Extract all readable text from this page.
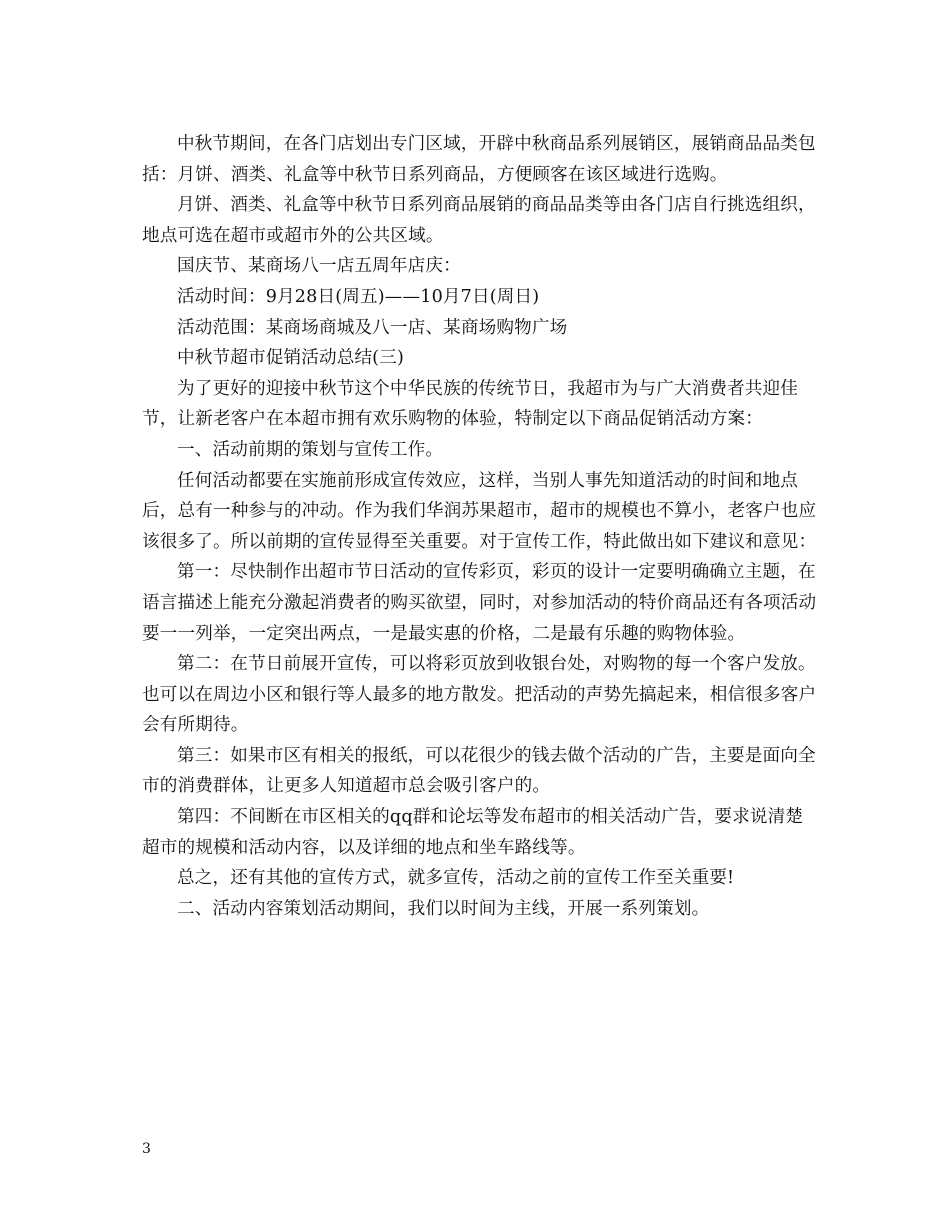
中秋节期间，在各门店划出专门区域，开辟中秋商品系列展销区，展销商品品类包括：月饼、酒类、礼盒等中秋节日系列商品，方便顾客在该区域进行选购。

月饼、酒类、礼盒等中秋节日系列商品展销的商品品类等由各门店自行挑选组织，地点可选在超市或超市外的公共区域。

国庆节、某商场八一店五周年店庆：

活动时间：9月28日(周五)——10月7日(周日)

活动范围：某商场商城及八一店、某商场购物广场

中秋节超市促销活动总结(三)

为了更好的迎接中秋节这个中华民族的传统节日，我超市为与广大消费者共迎佳节，让新老客户在本超市拥有欢乐购物的体验，特制定以下商品促销活动方案：

一、活动前期的策划与宣传工作。

任何活动都要在实施前形成宣传效应，这样，当别人事先知道活动的时间和地点后，总有一种参与的冲动。作为我们华润苏果超市，超市的规模也不算小，老客户也应该很多了。所以前期的宣传显得至关重要。对于宣传工作，特此做出如下建议和意见：

第一：尽快制作出超市节日活动的宣传彩页，彩页的设计一定要明确确立主题，在语言描述上能充分激起消费者的购买欲望，同时，对参加活动的特价商品还有各项活动要一一列举，一定突出两点，一是最实惠的价格，二是最有乐趣的购物体验。

第二：在节日前展开宣传，可以将彩页放到收银台处，对购物的每一个客户发放。也可以在周边小区和银行等人最多的地方散发。把活动的声势先搞起来，相信很多客户会有所期待。

第三：如果市区有相关的报纸，可以花很少的钱去做个活动的广告，主要是面向全市的消费群体，让更多人知道超市总会吸引客户的。

第四：不间断在市区相关的qq群和论坛等发布超市的相关活动广告，要求说清楚超市的规模和活动内容，以及详细的地点和坐车路线等。

总之，还有其他的宣传方式，就多宣传，活动之前的宣传工作至关重要!

二、活动内容策划活动期间，我们以时间为主线，开展一系列策划。

3
